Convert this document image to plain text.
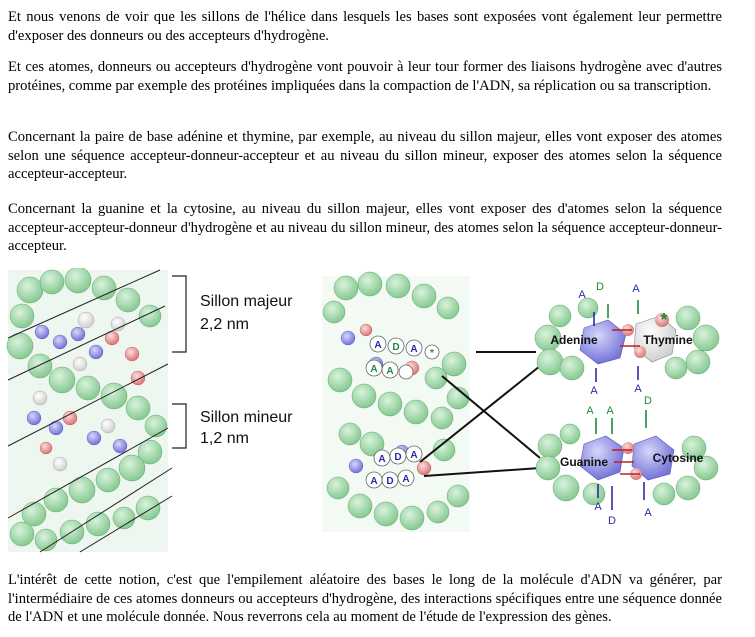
Et nous venons de voir que les sillons de l'hélice dans lesquels les bases sont exposées vont également leur permettre d'exposer des donneurs ou des accepteurs d'hydrogène.

Et ces atomes, donneurs ou accepteurs d'hydrogène vont pouvoir à leur tour former des liaisons hydrogène avec d'autres protéines, comme par exemple des protéines impliquées dans la compaction de l'ADN, sa réplication ou sa transcription.

Concernant la paire de base adénine et thymine, par exemple, au niveau du sillon majeur, elles vont exposer des atomes selon une séquence accepteur-donneur-accepteur et au niveau du sillon mineur, exposer des atomes selon la séquence accepteur-accepteur.

Concernant la guanine et la cytosine, au niveau du sillon majeur, elles vont exposer des d'atomes selon la séquence accepteur-accepteur-donneur d'hydrogène et au niveau du sillon mineur, des atomes selon la séquence accepteur-donneur-accepteur.

A D A *
A A
A D A
A D A
A
D	A
A	A
*
Adenine	Thymine
A A
D
A
D
A
Guanine	Cytosine
Sillon majeur
2,2 nm
Sillon mineur
1,2 nm

L'intérêt de cette notion, c'est que l'empilement aléatoire des bases le long de la molécule d'ADN va générer, par l'intermédiaire de ces atomes donneurs ou accepteurs d'hydrogène, des interactions spécifiques entre une séquence donnée de l'ADN et une molécule donnée. Nous reverrons cela au moment de l'étude de l'expression des gènes.
